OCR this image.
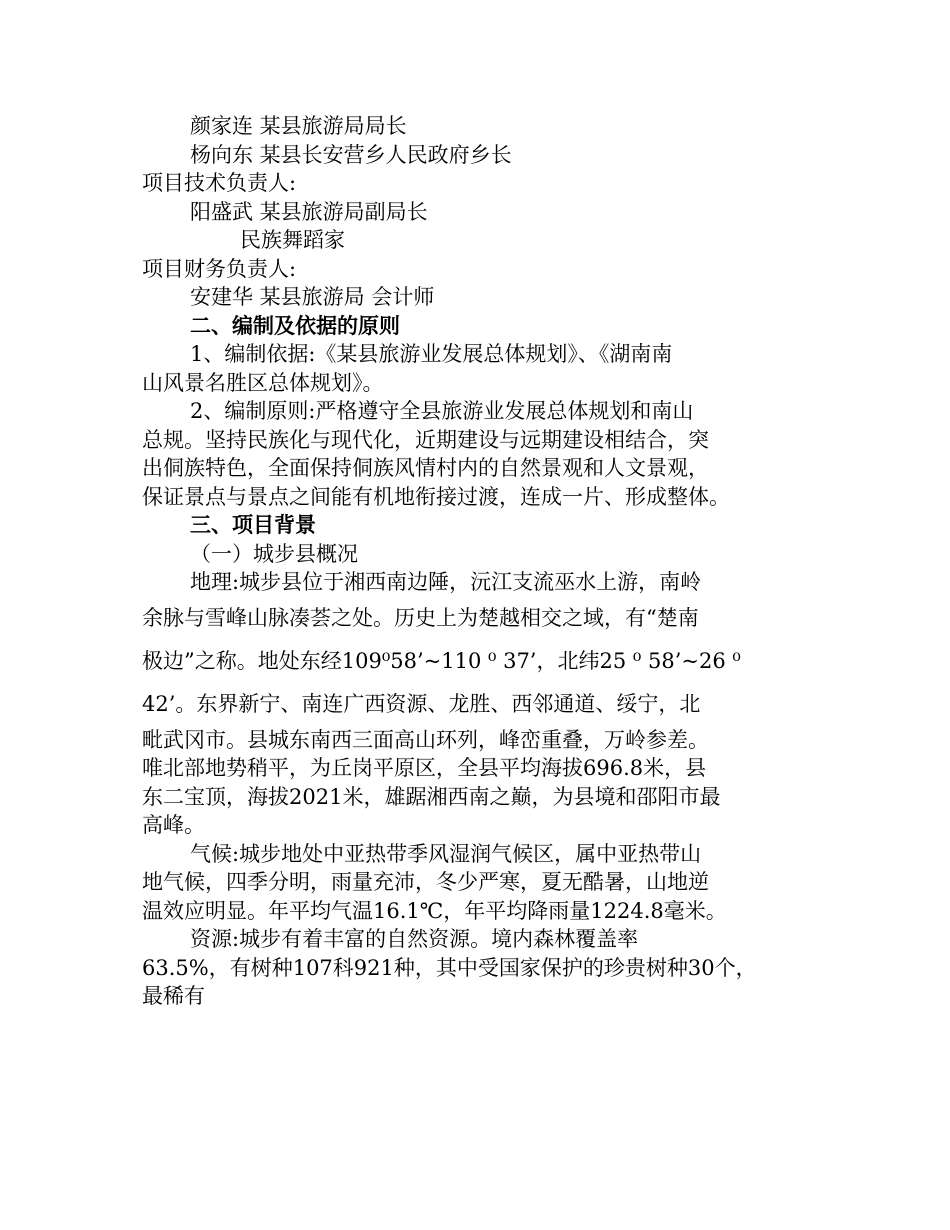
颜家连 某县旅游局局长
杨向东 某县长安营乡人民政府乡长
项目技术负责人:
阳盛武 某县旅游局副局长
民族舞蹈家
项目财务负责人:
安建华 某县旅游局 会计师
二、编制及依据的原则
1、编制依据:《某县旅游业发展总体规划》、《湖南南
山风景名胜区总体规划》。
2、编制原则:严格遵守全县旅游业发展总体规划和南山
总规。坚持民族化与现代化，近期建设与远期建设相结合，突
出侗族特色，全面保持侗族风情村内的自然景观和人文景观，
保证景点与景点之间能有机地衔接过渡，连成一片、形成整体。
三、项目背景
（一）城步县概况
地理:城步县位于湘西南边陲，沅江支流巫水上游，南岭
余脉与雪峰山脉凑荟之处。历史上为楚越相交之域，有“楚南
极边”之称。地处东经109⁰58’~110 ⁰ 37’，北纬25 ⁰ 58’~26 ⁰
42’。东界新宁、南连广西资源、龙胜、西邻通道、绥宁，北
毗武冈市。县城东南西三面高山环列，峰峦重叠，万岭参差。
唯北部地势稍平，为丘岗平原区，全县平均海拔696.8米，县
东二宝顶，海拔2021米，雄踞湘西南之巅，为县境和邵阳市最
高峰。
气候:城步地处中亚热带季风湿润气候区，属中亚热带山
地气候，四季分明，雨量充沛，冬少严寒，夏无酷暑，山地逆
温效应明显。年平均气温16.1℃，年平均降雨量1224.8毫米。
资源:城步有着丰富的自然资源。境内森林覆盖率
63.5%，有树种107科921种，其中受国家保护的珍贵树种30个，
最稀有
